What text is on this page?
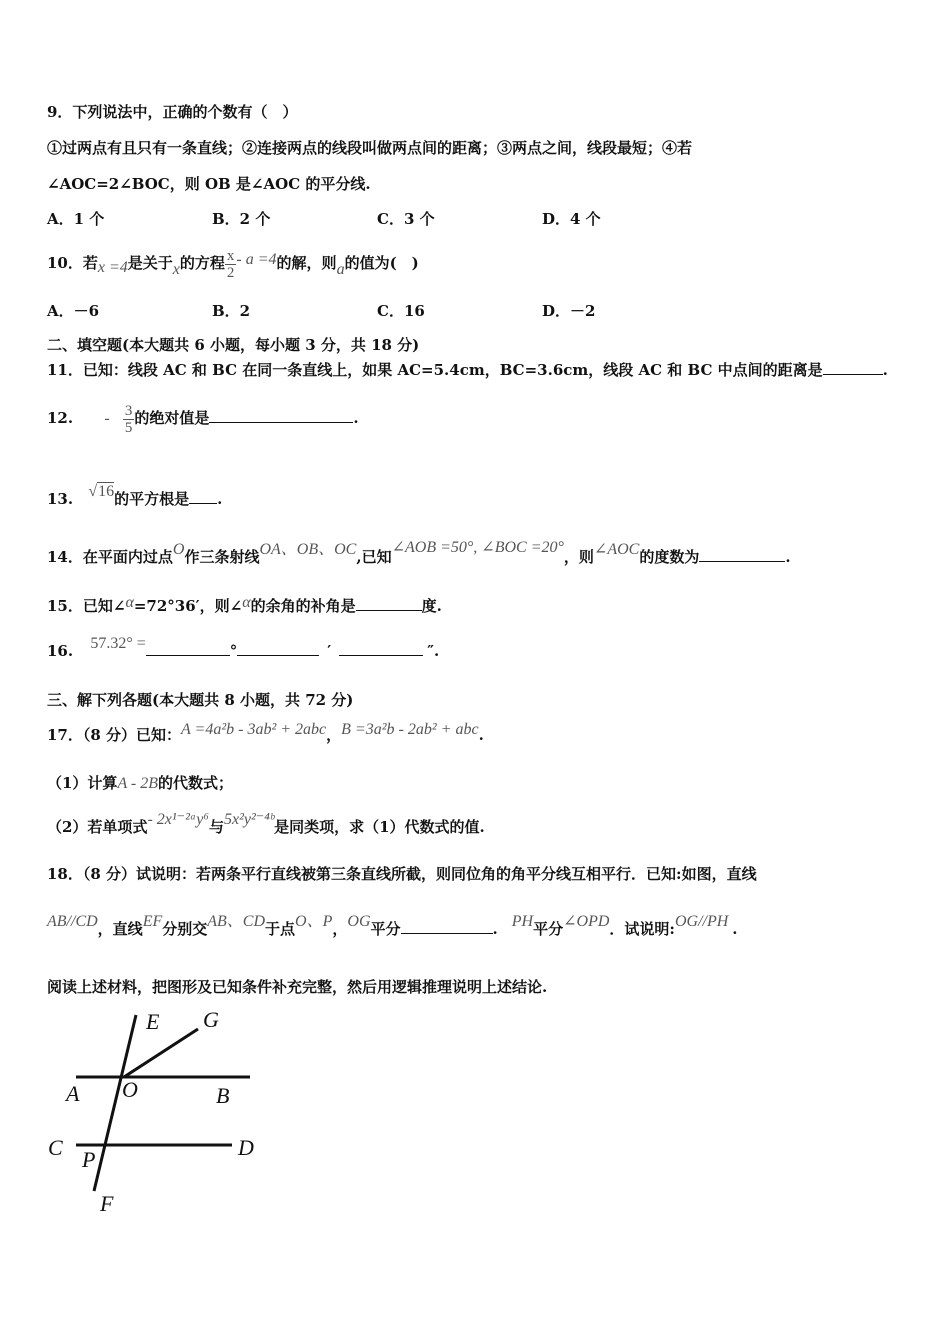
9．下列说法中，正确的个数有（　）
①过两点有且只有一条直线；②连接两点的线段叫做两点间的距离；③两点之间，线段最短；④若
∠AOC=2∠BOC，则 OB 是∠AOC 的平分线.
A．1 个	B．2 个	C．3 个	D．4 个
10．若x =4是关于x的方程 $\frac{x}{2} - a =4$的解，则a的值为(　)
A．－6	B．2	C．16	D．－2
二、填空题(本大题共 6 小题，每小题 3 分，共 18 分)
11．已知：线段 AC 和 BC 在同一条直线上，如果 AC=5.4cm，BC=3.6cm，线段 AC 和 BC 中点间的距离是	.
12. - $\frac{3}{5}$ 的绝对值是	.
13. √16的平方根是 .
14．在平面内过点O作三条射线OA、OB、OC,已知∠AOB =50°, ∠BOC =20°，则∠AOC的度数为	.
15．已知∠α=72°36′，则∠α的余角的补角是	度.
16. 57.32° =	°	′	″.
三、解下列各题(本大题共 8 小题，共 72 分)
17．（8 分）已知：A =4a²b - 3ab² + 2abc，B =3a²b - 2ab² + abc.
（1）计算A - 2B的代数式；
（2）若单项式- 2x¹⁻²ᵃy⁶与5x²y²⁻⁴ᵇ是同类项，求（1）代数式的值.
18．（8 分）试说明：若两条平行直线被第三条直线所截，则同位角的角平分线互相平行．已知:如图，直线
AB//CD，直线EF分别交AB、CD于点O、P，OG平分	. PH平分∠OPD．试说明:OG//PH .
阅读上述材料，把图形及已知条件补充完整，然后用逻辑推理说明上述结论.
E G
A O	B
C P	D
F
